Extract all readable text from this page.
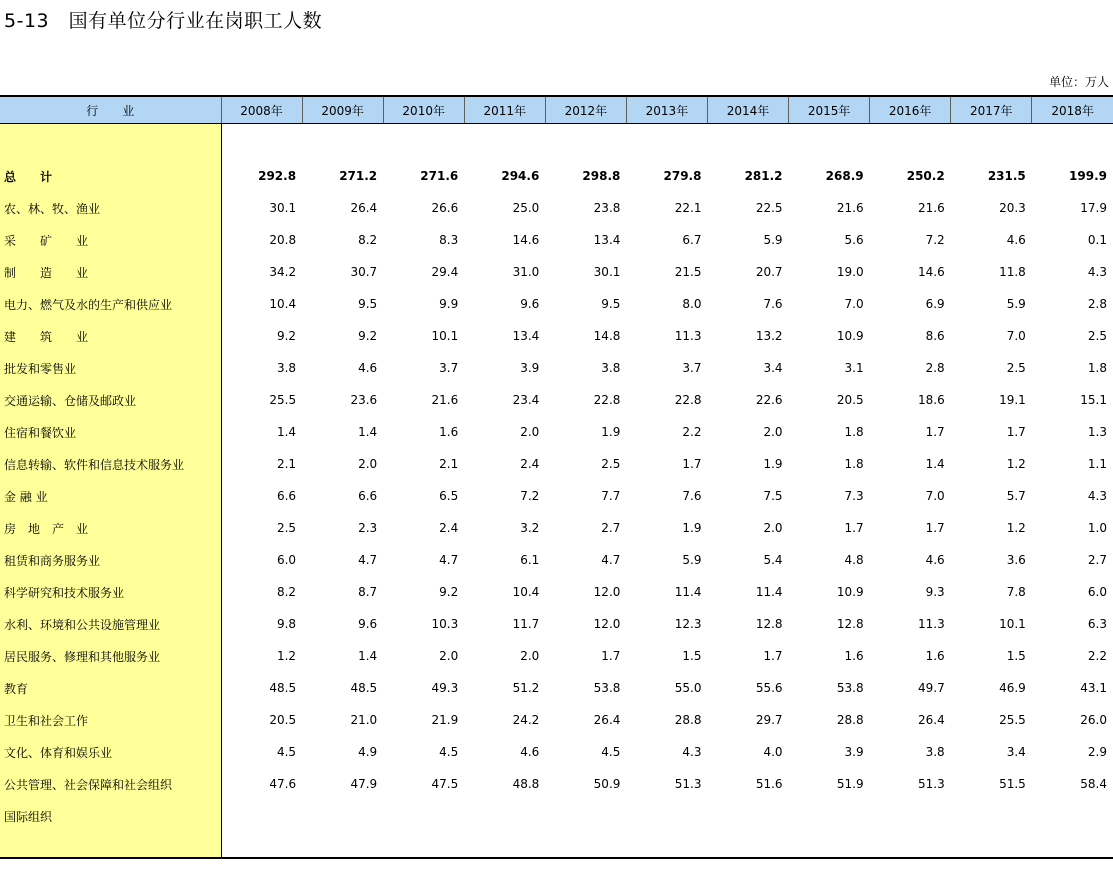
5-13　国有单位分行业在岗职工人数
单位：万人
行　　业	2008年	2009年	2010年	2011年	2012年	2013年	2014年	2015年	2016年	2017年	2018年

总　　计	292.8	271.2	271.6	294.6	298.8	279.8	281.2	268.9	250.2	231.5	199.9
农、林、牧、渔业	30.1	26.4	26.6	25.0	23.8	22.1	22.5	21.6	21.6	20.3	17.9
采　　矿　　业	20.8	8.2	8.3	14.6	13.4	6.7	5.9	5.6	7.2	4.6	0.1
制　　造　　业	34.2	30.7	29.4	31.0	30.1	21.5	20.7	19.0	14.6	11.8	4.3
电力、燃气及水的生产和供应业	10.4	9.5	9.9	9.6	9.5	8.0	7.6	7.0	6.9	5.9	2.8
建　　筑　　业	9.2	9.2	10.1	13.4	14.8	11.3	13.2	10.9	8.6	7.0	2.5
批发和零售业	3.8	4.6	3.7	3.9	3.8	3.7	3.4	3.1	2.8	2.5	1.8
交通运输、仓储及邮政业	25.5	23.6	21.6	23.4	22.8	22.8	22.6	20.5	18.6	19.1	15.1
住宿和餐饮业	1.4	1.4	1.6	2.0	1.9	2.2	2.0	1.8	1.7	1.7	1.3
信息转输、软件和信息技术服务业	2.1	2.0	2.1	2.4	2.5	1.7	1.9	1.8	1.4	1.2	1.1
金 融 业	6.6	6.6	6.5	7.2	7.7	7.6	7.5	7.3	7.0	5.7	4.3
房　地　产　业	2.5	2.3	2.4	3.2	2.7	1.9	2.0	1.7	1.7	1.2	1.0
租赁和商务服务业	6.0	4.7	4.7	6.1	4.7	5.9	5.4	4.8	4.6	3.6	2.7
科学研究和技术服务业	8.2	8.7	9.2	10.4	12.0	11.4	11.4	10.9	9.3	7.8	6.0
水利、环境和公共设施管理业	9.8	9.6	10.3	11.7	12.0	12.3	12.8	12.8	11.3	10.1	6.3
居民服务、修理和其他服务业	1.2	1.4	2.0	2.0	1.7	1.5	1.7	1.6	1.6	1.5	2.2
教育	48.5	48.5	49.3	51.2	53.8	55.0	55.6	53.8	49.7	46.9	43.1
卫生和社会工作	20.5	21.0	21.9	24.2	26.4	28.8	29.7	28.8	26.4	25.5	26.0
文化、体育和娱乐业	4.5	4.9	4.5	4.6	4.5	4.3	4.0	3.9	3.8	3.4	2.9
公共管理、社会保障和社会组织	47.6	47.9	47.5	48.8	50.9	51.3	51.6	51.9	51.3	51.5	58.4
国际组织											
